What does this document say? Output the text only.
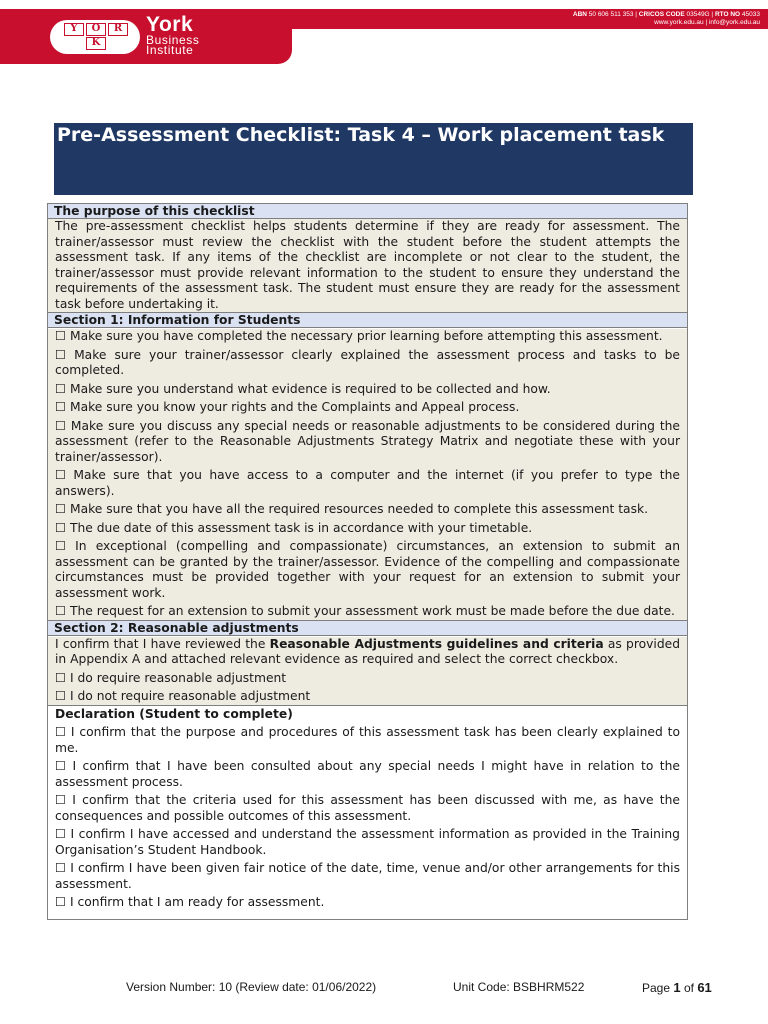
Y	O	R
K
York
Business
Institute
ABN 50 606 511 353 | CRICOS CODE 03549G | RTO NO 45033
www.york.edu.au | info@york.edu.au
Pre-Assessment Checklist: Task 4 – Work placement task
The purpose of this checklist

The pre-assessment checklist helps students determine if they are ready for assessment. The trainer/assessor must review the checklist with the student before the student attempts the assessment task. If any items of the checklist are incomplete or not clear to the student, the trainer/assessor must provide relevant information to the student to ensure they understand the requirements of the assessment task. The student must ensure they are ready for the assessment task before undertaking it.

Section 1: Information for Students

☐ Make sure you have completed the necessary prior learning before attempting this assessment.

☐ Make sure your trainer/assessor clearly explained the assessment process and tasks to be completed.

☐ Make sure you understand what evidence is required to be collected and how.

☐ Make sure you know your rights and the Complaints and Appeal process.

☐ Make sure you discuss any special needs or reasonable adjustments to be considered during the assessment (refer to the Reasonable Adjustments Strategy Matrix and negotiate these with your trainer/assessor).

☐ Make sure that you have access to a computer and the internet (if you prefer to type the answers).

☐ Make sure that you have all the required resources needed to complete this assessment task.

☐ The due date of this assessment task is in accordance with your timetable.

☐ In exceptional (compelling and compassionate) circumstances, an extension to submit an assessment can be granted by the trainer/assessor. Evidence of the compelling and compassionate circumstances must be provided together with your request for an extension to submit your assessment work.

☐ The request for an extension to submit your assessment work must be made before the due date.

Section 2: Reasonable adjustments

I confirm that I have reviewed the Reasonable Adjustments guidelines and criteria as provided in Appendix A and attached relevant evidence as required and select the correct checkbox.

☐ I do require reasonable adjustment

☐ I do not require reasonable adjustment

Declaration (Student to complete)

☐ I confirm that the purpose and procedures of this assessment task has been clearly explained to me.

☐ I confirm that I have been consulted about any special needs I might have in relation to the assessment process.

☐ I confirm that the criteria used for this assessment has been discussed with me, as have the consequences and possible outcomes of this assessment.

☐ I confirm I have accessed and understand the assessment information as provided in the Training Organisation’s Student Handbook.

☐ I confirm I have been given fair notice of the date, time, venue and/or other arrangements for this assessment.

☐ I confirm that I am ready for assessment.

Version Number: 10 (Review date: 01/06/2022)	Unit Code: BSBHRM522	Page 1 of 61
